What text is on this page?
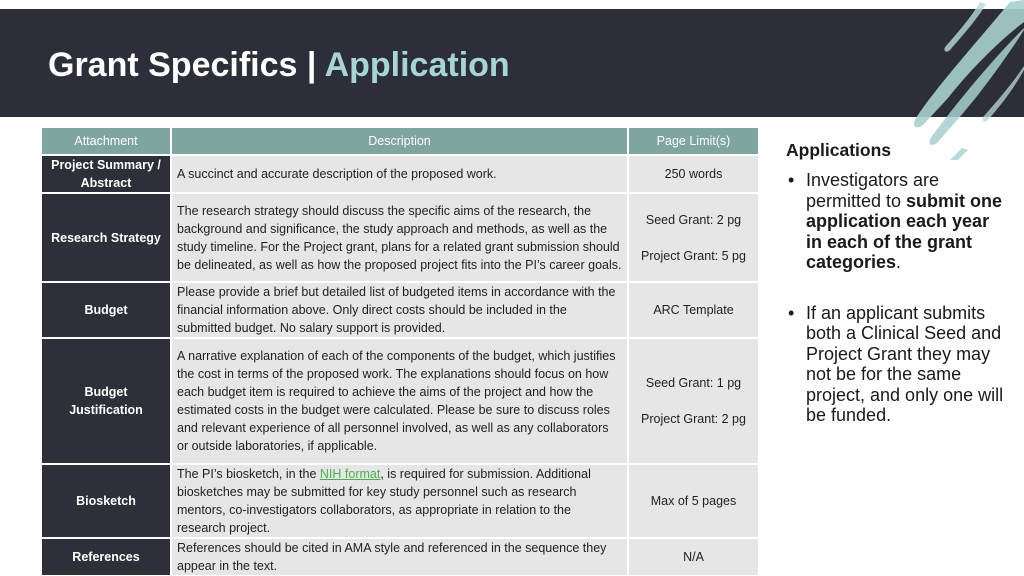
Grant Specifics | Application
Attachment	Description	Page Limit(s)
Project Summary / Abstract	A succinct and accurate description of the proposed work.	250 words
Research Strategy	The research strategy should discuss the specific aims of the research, the background and significance, the study approach and methods, as well as the study timeline. For the Project grant, plans for a related grant submission should be delineated, as well as how the proposed project fits into the PI’s career goals.	Seed Grant: 2 pg
Project Grant: 5 pg
Budget	Please provide a brief but detailed list of budgeted items in accordance with the financial information above. Only direct costs should be included in the submitted budget. No salary support is provided.	ARC Template
Budget Justification	A narrative explanation of each of the components of the budget, which justifies the cost in terms of the proposed work. The explanations should focus on how each budget item is required to achieve the aims of the project and how the estimated costs in the budget were calculated. Please be sure to discuss roles and relevant experience of all personnel involved, as well as any collaborators or outside laboratories, if applicable.	Seed Grant: 1 pg
Project Grant: 2 pg
Biosketch	The PI’s biosketch, in the NIH format, is required for submission. Additional biosketches may be submitted for key study personnel such as research mentors, co-investigators collaborators, as appropriate in relation to the research project.	Max of 5 pages
References	References should be cited in AMA style and referenced in the sequence they appear in the text.	N/A
Applications
• Investigators are permitted to submit one application each year in each of the grant categories.
• If an applicant submits both a Clinical Seed and Project Grant they may not be for the same project, and only one will be funded.
